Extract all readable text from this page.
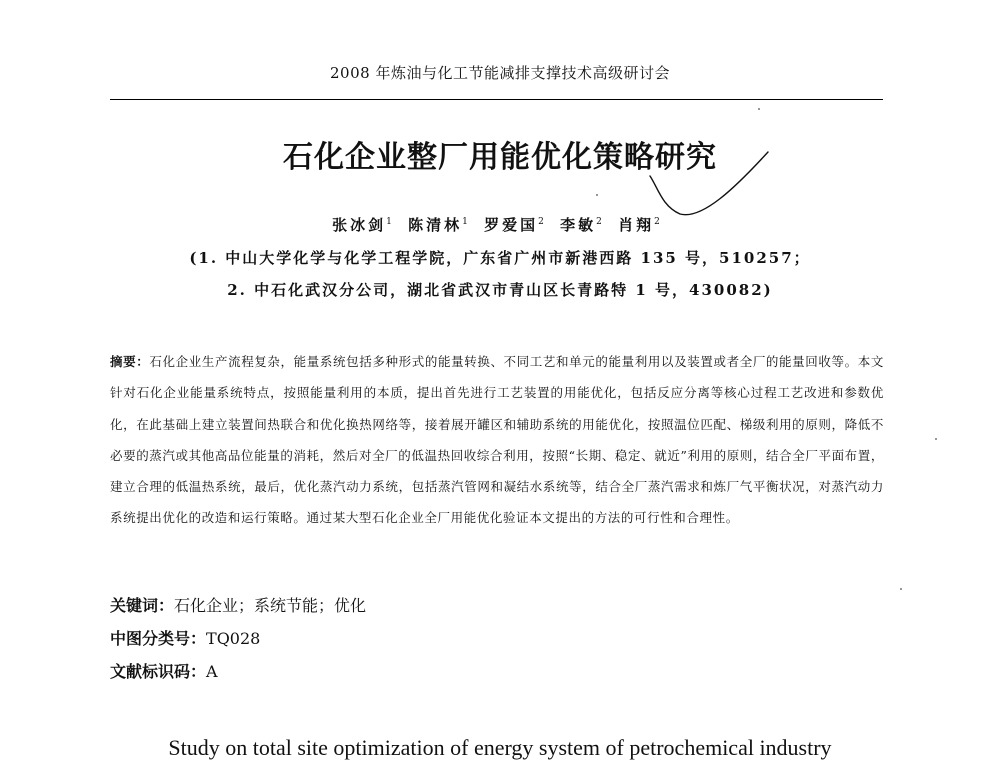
2008 年炼油与化工节能减排支撑技术高级研讨会
石化企业整厂用能优化策略研究
张冰剑$^1$ 陈清林$^1$ 罗爱国$^2$ 李敏$^2$ 肖翔$^2$
(1. 中山大学化学与化学工程学院，广东省广州市新港西路 135 号，510257；
2. 中石化武汉分公司，湖北省武汉市青山区长青路特 1 号，430082)
摘要：石化企业生产流程复杂，能量系统包括多种形式的能量转换、不同工艺和单元的能量利用以及装置或者全厂的能量回收等。本文针对石化企业能量系统特点，按照能量利用的本质，提出首先进行工艺装置的用能优化，包括反应分离等核心过程工艺改进和参数优化，在此基础上建立装置间热联合和优化换热网络等，接着展开罐区和辅助系统的用能优化，按照温位匹配、梯级利用的原则，降低不必要的蒸汽或其他高品位能量的消耗，然后对全厂的低温热回收综合利用，按照“长期、稳定、就近”利用的原则，结合全厂平面布置，建立合理的低温热系统，最后，优化蒸汽动力系统，包括蒸汽管网和凝结水系统等，结合全厂蒸汽需求和炼厂气平衡状况，对蒸汽动力系统提出优化的改造和运行策略。通过某大型石化企业全厂用能优化验证本文提出的方法的可行性和合理性。
关键词：石化企业；系统节能；优化
中图分类号：TQ028
文献标识码：A
Study on total site optimization of energy system of petrochemical industry
